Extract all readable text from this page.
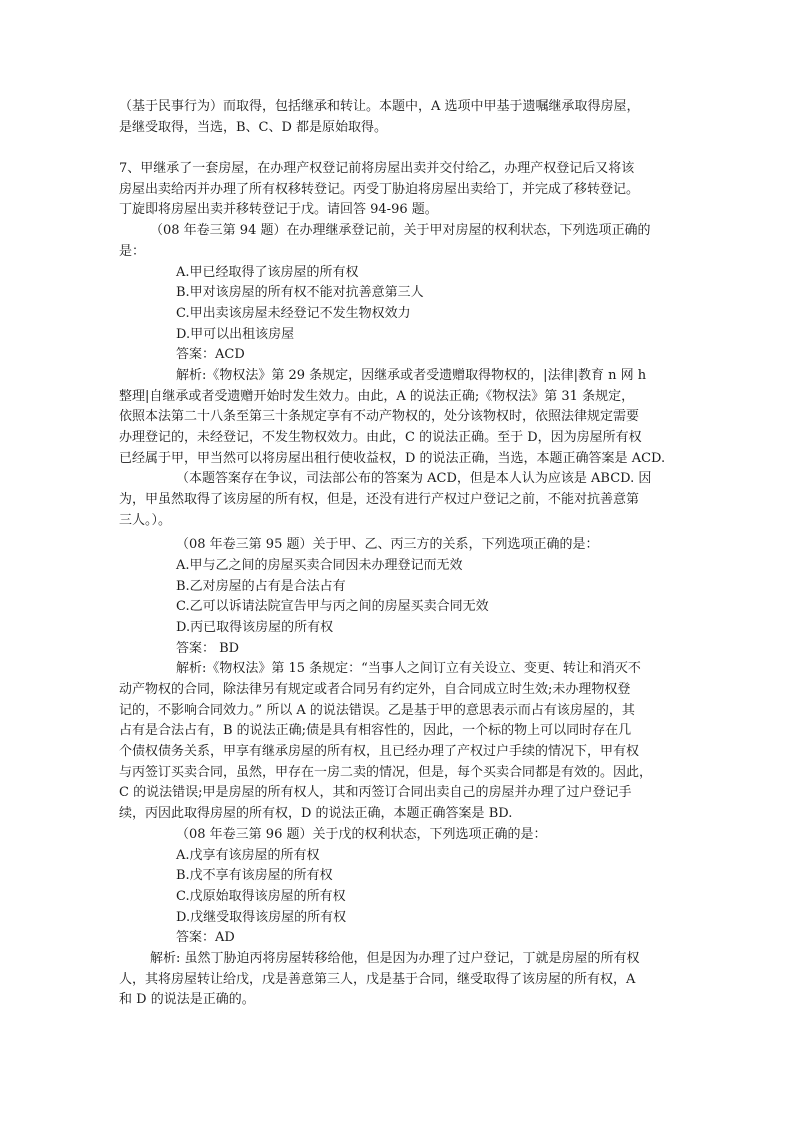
（基于民事行为）而取得，包括继承和转让。本题中，A 选项中甲基于遗嘱继承取得房屋，
是继受取得，当选，B、C、D 都是原始取得。
7、甲继承了一套房屋，在办理产权登记前将房屋出卖并交付给乙，办理产权登记后又将该
房屋出卖给丙并办理了所有权移转登记。丙受丁胁迫将房屋出卖给丁，并完成了移转登记。
丁旋即将房屋出卖并移转登记于戊。请回答 94-96 题。
（08 年卷三第 94 题）在办理继承登记前，关于甲对房屋的权利状态，下列选项正确的
是：
A.甲已经取得了该房屋的所有权
B.甲对该房屋的所有权不能对抗善意第三人
C.甲出卖该房屋未经登记不发生物权效力
D.甲可以出租该房屋
答案：ACD
解析:《物权法》第 29 条规定，因继承或者受遗赠取得物权的，|法律|教育 n 网 h
整理|自继承或者受遗赠开始时发生效力。由此，A 的说法正确;《物权法》第 31 条规定，
依照本法第二十八条至第三十条规定享有不动产物权的，处分该物权时，依照法律规定需要
办理登记的，未经登记，不发生物权效力。由此，C 的说法正确。至于 D，因为房屋所有权
已经属于甲，甲当然可以将房屋出租行使收益权，D 的说法正确，当选，本题正确答案是 ACD.
（本题答案存在争议，司法部公布的答案为 ACD，但是本人认为应该是 ABCD. 因
为，甲虽然取得了该房屋的所有权，但是，还没有进行产权过户登记之前，不能对抗善意第
三人。）。
（08 年卷三第 95 题）关于甲、乙、丙三方的关系，下列选项正确的是：
A.甲与乙之间的房屋买卖合同因未办理登记而无效
B.乙对房屋的占有是合法占有
C.乙可以诉请法院宣告甲与丙之间的房屋买卖合同无效
D.丙已取得该房屋的所有权
答案： BD
解析:《物权法》第 15 条规定：“当事人之间订立有关设立、变更、转让和消灭不
动产物权的合同，除法律另有规定或者合同另有约定外，自合同成立时生效;未办理物权登
记的，不影响合同效力。” 所以 A 的说法错误。乙是基于甲的意思表示而占有该房屋的，其
占有是合法占有，B 的说法正确;债是具有相容性的，因此，一个标的物上可以同时存在几
个债权债务关系，甲享有继承房屋的所有权，且已经办理了产权过户手续的情况下，甲有权
与丙签订买卖合同，虽然，甲存在一房二卖的情况，但是，每个买卖合同都是有效的。因此，
C 的说法错误;甲是房屋的所有权人，其和丙签订合同出卖自己的房屋并办理了过户登记手
续，丙因此取得房屋的所有权，D 的说法正确，本题正确答案是 BD.
（08 年卷三第 96 题）关于戊的权利状态，下列选项正确的是：
A.戊享有该房屋的所有权
B.戊不享有该房屋的所有权
C.戊原始取得该房屋的所有权
D.戊继受取得该房屋的所有权
答案：AD
解析: 虽然丁胁迫丙将房屋转移给他，但是因为办理了过户登记，丁就是房屋的所有权
人，其将房屋转让给戊，戊是善意第三人，戊是基于合同，继受取得了该房屋的所有权，A
和 D 的说法是正确的。
